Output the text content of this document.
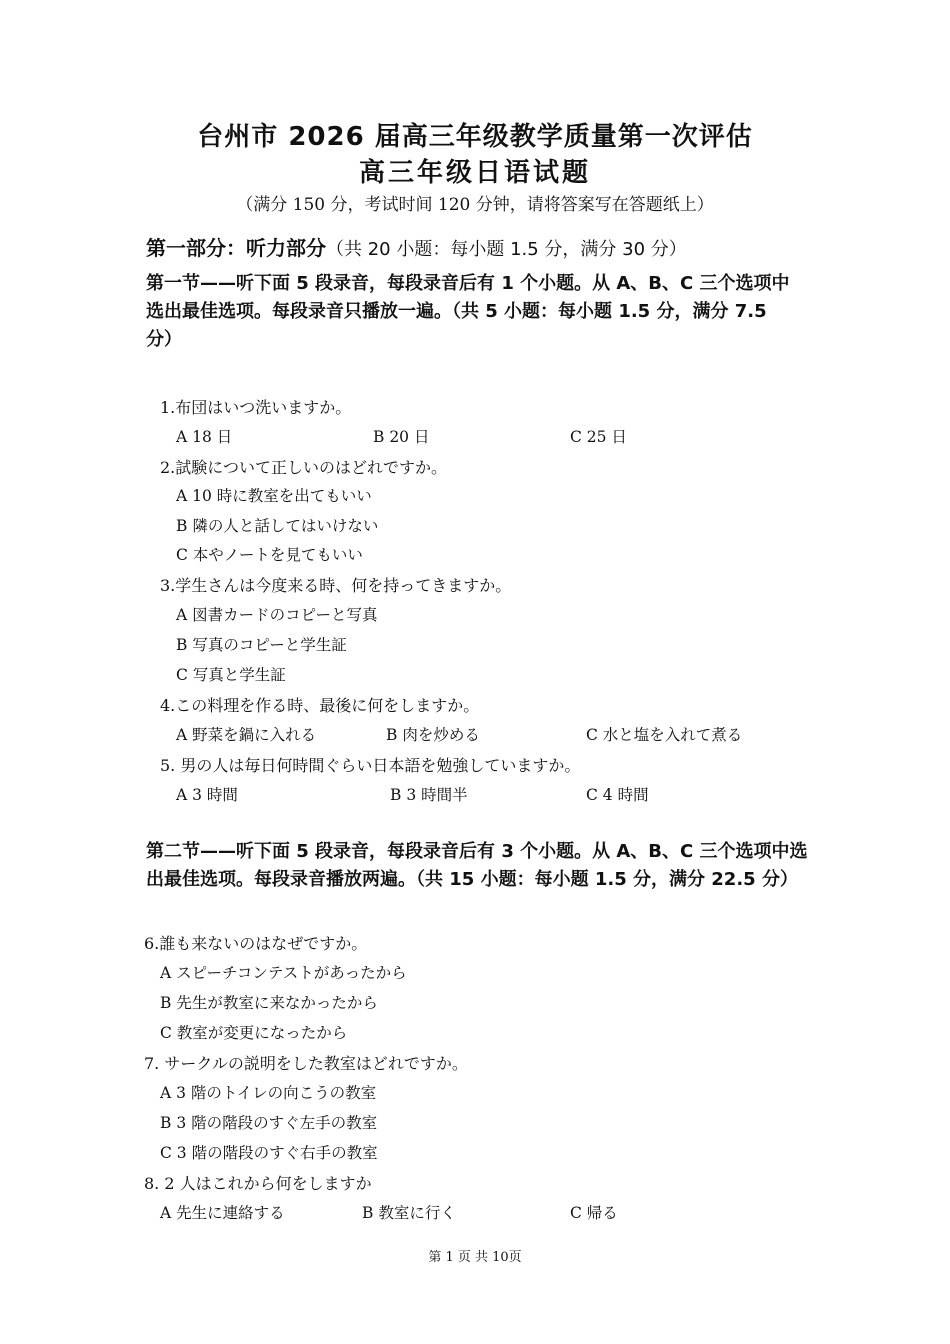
台州市 2026 届高三年级教学质量第一次评估
高三年级日语试题
（满分 150 分，考试时间 120 分钟，请将答案写在答题纸上）
第一部分：听力部分（共 20 小题：每小题 1.5 分，满分 30 分）
第一节——听下面 5 段录音，每段录音后有 1 个小题。从 A、B、C 三个选项中
选出最佳选项。每段录音只播放一遍。（共 5 小题：每小题 1.5 分，满分 7.5
分）
1.布団はいつ洗いますか。
A 18 日	B 20 日	C 25 日
2.試験について正しいのはどれですか。
A 10 時に教室を出てもいい
B 隣の人と話してはいけない
C 本やノートを見てもいい
3.学生さんは今度来る時、何を持ってきますか。
A 図書カードのコピーと写真
B 写真のコピーと学生証
C 写真と学生証
4.この料理を作る時、最後に何をしますか。
A 野菜を鍋に入れる	B 肉を炒める	C 水と塩を入れて煮る
5. 男の人は毎日何時間ぐらい日本語を勉強していますか。
A 3 時間	B 3 時間半	C 4 時間
第二节——听下面 5 段录音，每段录音后有 3 个小题。从 A、B、C 三个选项中选
出最佳选项。每段录音播放两遍。（共 15 小题：每小题 1.5 分，满分 22.5 分）
6.誰も来ないのはなぜですか。
A スピーチコンテストがあったから
B 先生が教室に来なかったから
C 教室が変更になったから
7. サークルの説明をした教室はどれですか。
A 3 階のトイレの向こうの教室
B 3 階の階段のすぐ左手の教室
C 3 階の階段のすぐ右手の教室
8. 2 人はこれから何をしますか
A 先生に連絡する	B 教室に行く	C 帰る
第 1 页 共 10页
